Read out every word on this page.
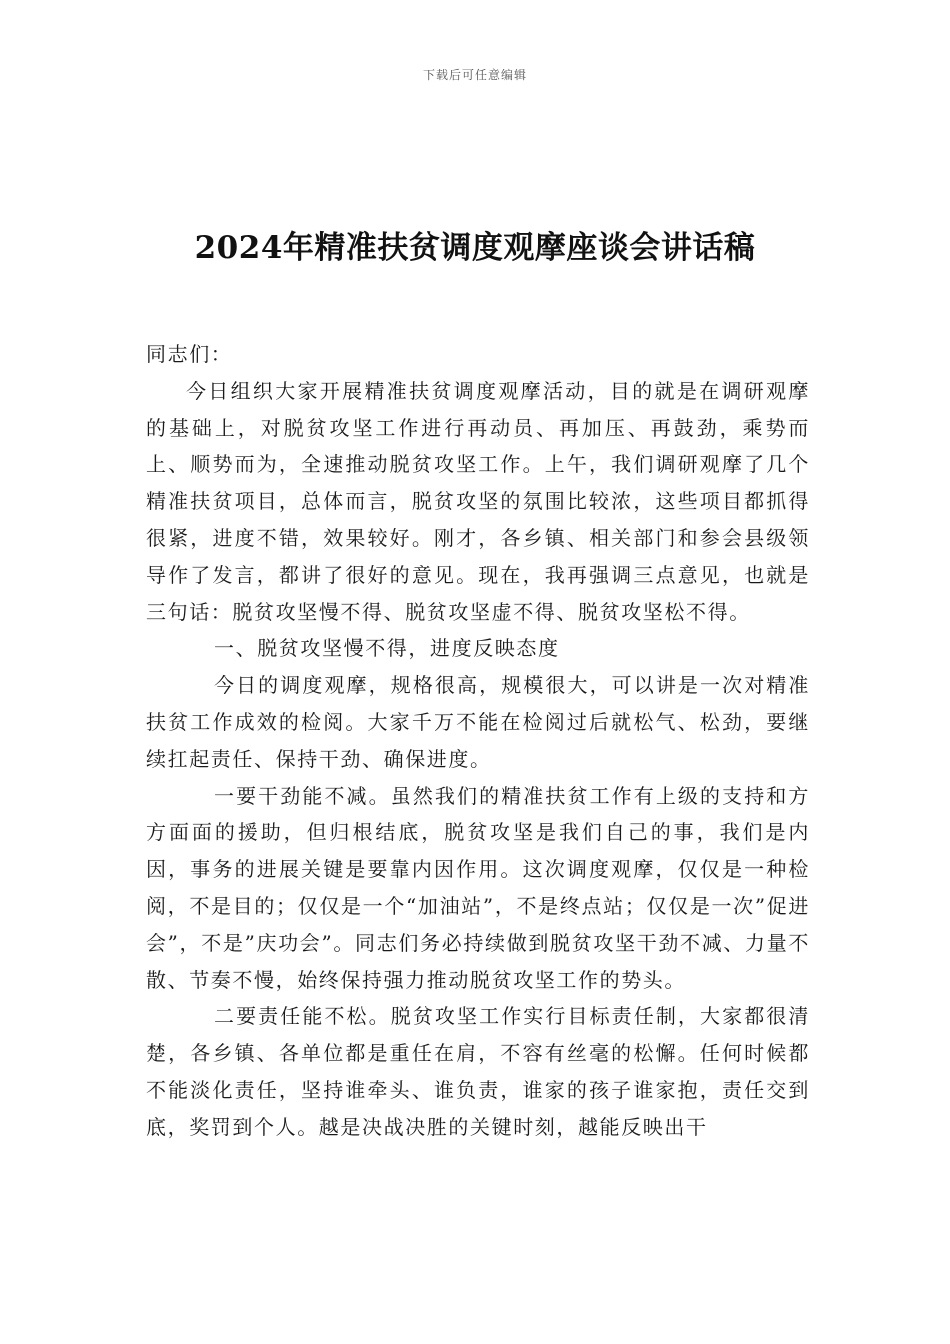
下载后可任意编辑
2024年精准扶贫调度观摩座谈会讲话稿

同志们：

今日组织大家开展精准扶贫调度观摩活动，目的就是在调研观摩的基础上，对脱贫攻坚工作进行再动员、再加压、再鼓劲，乘势而上、顺势而为，全速推动脱贫攻坚工作。上午，我们调研观摩了几个精准扶贫项目，总体而言，脱贫攻坚的氛围比较浓，这些项目都抓得很紧，进度不错，效果较好。刚才，各乡镇、相关部门和参会县级领导作了发言，都讲了很好的意见。现在，我再强调三点意见，也就是三句话：脱贫攻坚慢不得、脱贫攻坚虚不得、脱贫攻坚松不得。

一、脱贫攻坚慢不得，进度反映态度

今日的调度观摩，规格很高，规模很大，可以讲是一次对精准扶贫工作成效的检阅。大家千万不能在检阅过后就松气、松劲，要继续扛起责任、保持干劲、确保进度。

一要干劲能不减。虽然我们的精准扶贫工作有上级的支持和方方面面的援助，但归根结底，脱贫攻坚是我们自己的事，我们是内因，事务的进展关键是要靠内因作用。这次调度观摩，仅仅是一种检阅，不是目的；仅仅是一个“加油站”，不是终点站；仅仅是一次”促进会”，不是”庆功会”。同志们务必持续做到脱贫攻坚干劲不减、力量不散、节奏不慢，始终保持强力推动脱贫攻坚工作的势头。

二要责任能不松。脱贫攻坚工作实行目标责任制，大家都很清楚，各乡镇、各单位都是重任在肩，不容有丝毫的松懈。任何时候都不能淡化责任，坚持谁牵头、谁负责，谁家的孩子谁家抱，责任交到底，奖罚到个人。越是决战决胜的关键时刻，越能反映出干
